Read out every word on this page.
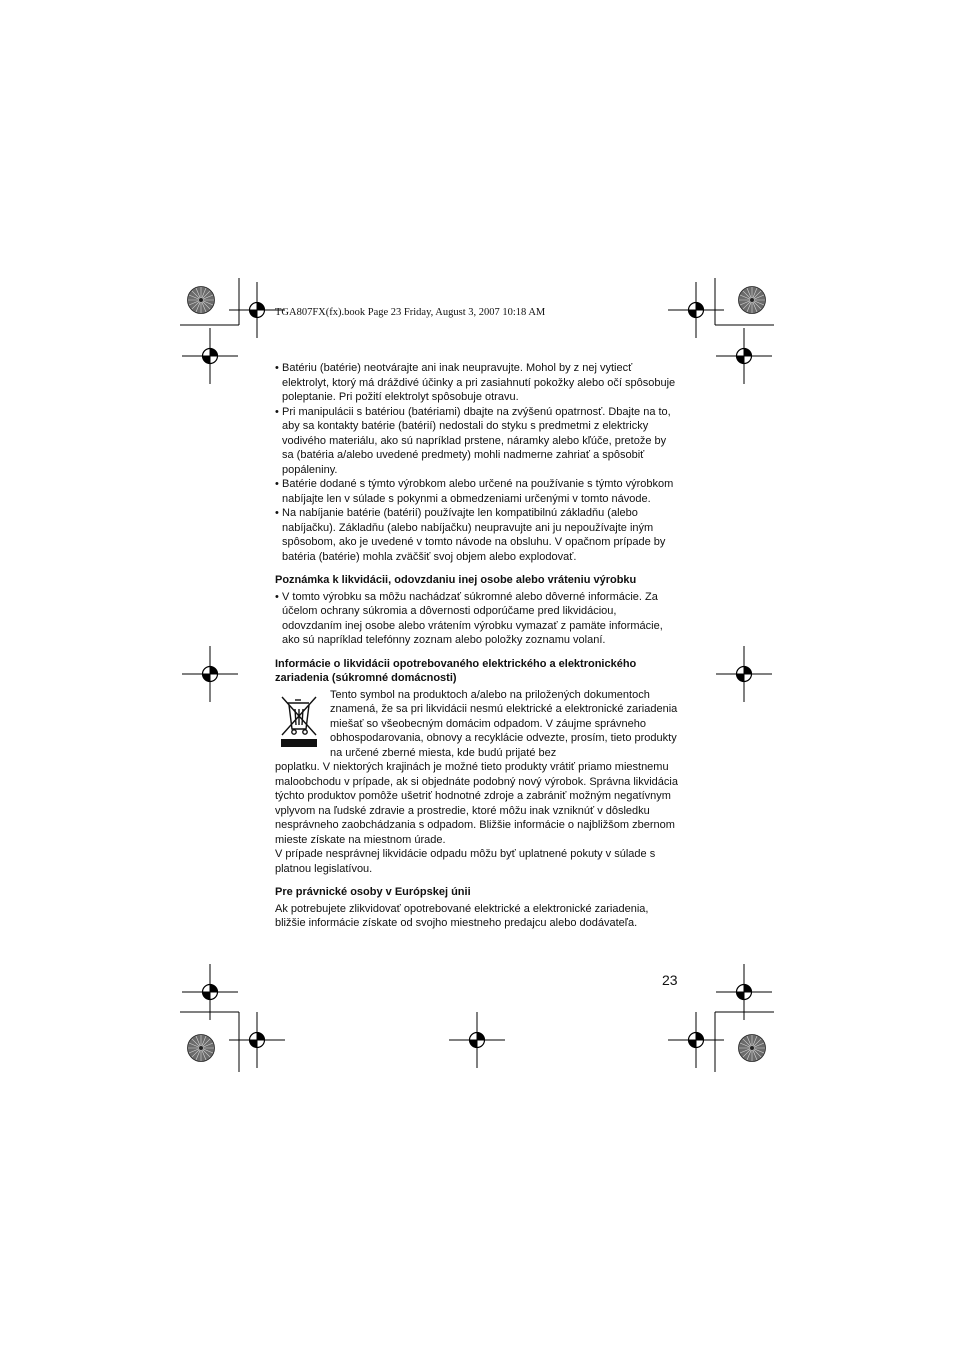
TGA807FX(fx).book Page 23 Friday, August 3, 2007 10:18 AM

• Batériu (batérie) neotvárajte ani inak neupravujte. Mohol by z nej vytiecť elektrolyt, ktorý má dráždivé účinky a pri zasiahnutí pokožky alebo očí spôsobuje poleptanie. Pri požití elektrolyt spôsobuje otravu.

• Pri manipulácii s batériou (batériami) dbajte na zvýšenú opatrnosť. Dbajte na to, aby sa kontakty batérie (batérií) nedostali do styku s predmetmi z elektricky vodivého materiálu, ako sú napríklad prstene, náramky alebo kľúče, pretože by sa (batéria a/alebo uvedené predmety) mohli nadmerne zahriať a spôsobiť popáleniny.

• Batérie dodané s týmto výrobkom alebo určené na používanie s týmto výrobkom nabíjajte len v súlade s pokynmi a obmedzeniami určenými v tomto návode.

• Na nabíjanie batérie (batérií) používajte len kompatibilnú základňu (alebo nabíjačku). Základňu (alebo nabíjačku) neupravujte ani ju nepoužívajte iným spôsobom, ako je uvedené v tomto návode na obsluhu. V opačnom prípade by batéria (batérie) mohla zväčšiť svoj objem alebo explodovať.

Poznámka k likvidácii, odovzdaniu inej osobe alebo vráteniu výrobku

• V tomto výrobku sa môžu nachádzať súkromné alebo dôverné informácie. Za účelom ochrany súkromia a dôvernosti odporúčame pred likvidáciou, odovzdaním inej osobe alebo vrátením výrobku vymazať z pamäte informácie, ako sú napríklad telefónny zoznam alebo položky zoznamu volaní.

Informácie o likvidácii opotrebovaného elektrického a elektronického zariadenia (súkromné domácnosti)

Tento symbol na produktoch a/alebo na priložených dokumentoch znamená, že sa pri likvidácii nesmú elektrické a elektronické zariadenia miešať so všeobecným domácim odpadom. V záujme správneho obhospodarovania, obnovy a recyklácie odvezte, prosím, tieto produkty na určené zberné miesta, kde budú prijaté bez

poplatku. V niektorých krajinách je možné tieto produkty vrátiť priamo miestnemu maloobchodu v prípade, ak si objednáte podobný nový výrobok. Správna likvidácia týchto produktov pomôže ušetriť hodnotné zdroje a zabrániť možným negatívnym vplyvom na ľudské zdravie a prostredie, ktoré môžu inak vzniknúť v dôsledku nesprávneho zaobchádzania s odpadom. Bližšie informácie o najbližšom zbernom mieste získate na miestnom úrade.

V prípade nesprávnej likvidácie odpadu môžu byť uplatnené pokuty v súlade s platnou legislatívou.

Pre právnické osoby v Európskej únii

Ak potrebujete zlikvidovať opotrebované elektrické a elektronické zariadenia, bližšie informácie získate od svojho miestneho predajcu alebo dodávateľa.

23
